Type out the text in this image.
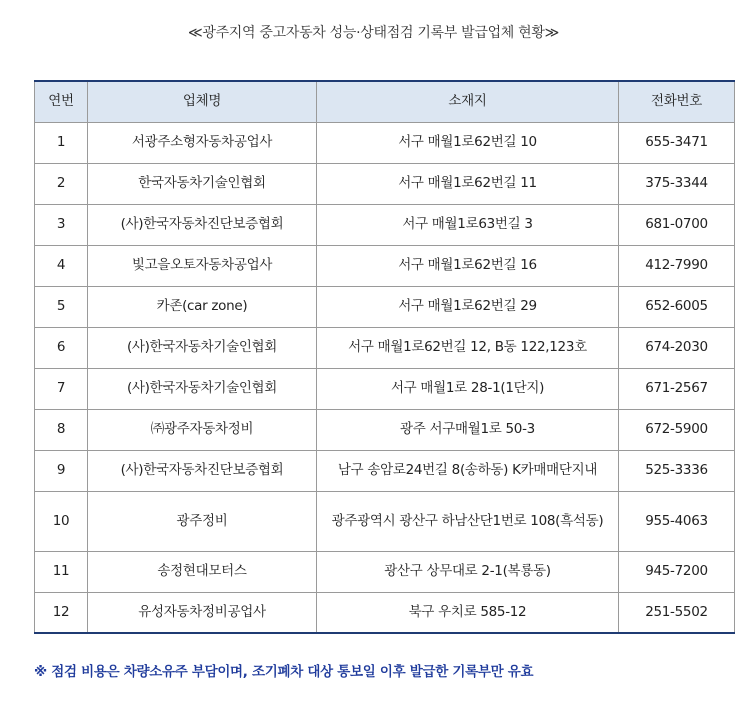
≪광주지역 중고자동차 성능·상태점검 기록부 발급업체 현황≫
연번	업체명	소재지	전화번호
1	서광주소형자동차공업사	서구 매월1로62번길 10	655-3471
2	한국자동차기술인협회	서구 매월1로62번길 11	375-3344
3	(사)한국자동차진단보증협회	서구 매월1로63번길 3	681-0700
4	빛고을오토자동차공업사	서구 매월1로62번길 16	412-7990
5	카존(car zone)	서구 매월1로62번길 29	652-6005
6	(사)한국자동차기술인협회	서구 매월1로62번길 12, B동 122,123호	674-2030
7	(사)한국자동차기술인협회	서구 매월1로 28-1(1단지)	671-2567
8	㈜광주자동차정비	광주 서구매월1로 50-3	672-5900
9	(사)한국자동차진단보증협회	남구 송암로24번길 8(송하동) K카매매단지내	525-3336
10	광주정비	광주광역시 광산구 하남산단1번로 108(흑석동)	955-4063
11	송정현대모터스	광산구 상무대로 2-1(복룡동)	945-7200
12	유성자동차정비공업사	북구 우치로 585-12	251-5502
※ 점검 비용은 차량소유주 부담이며, 조기폐차 대상 통보일 이후 발급한 기록부만 유효
